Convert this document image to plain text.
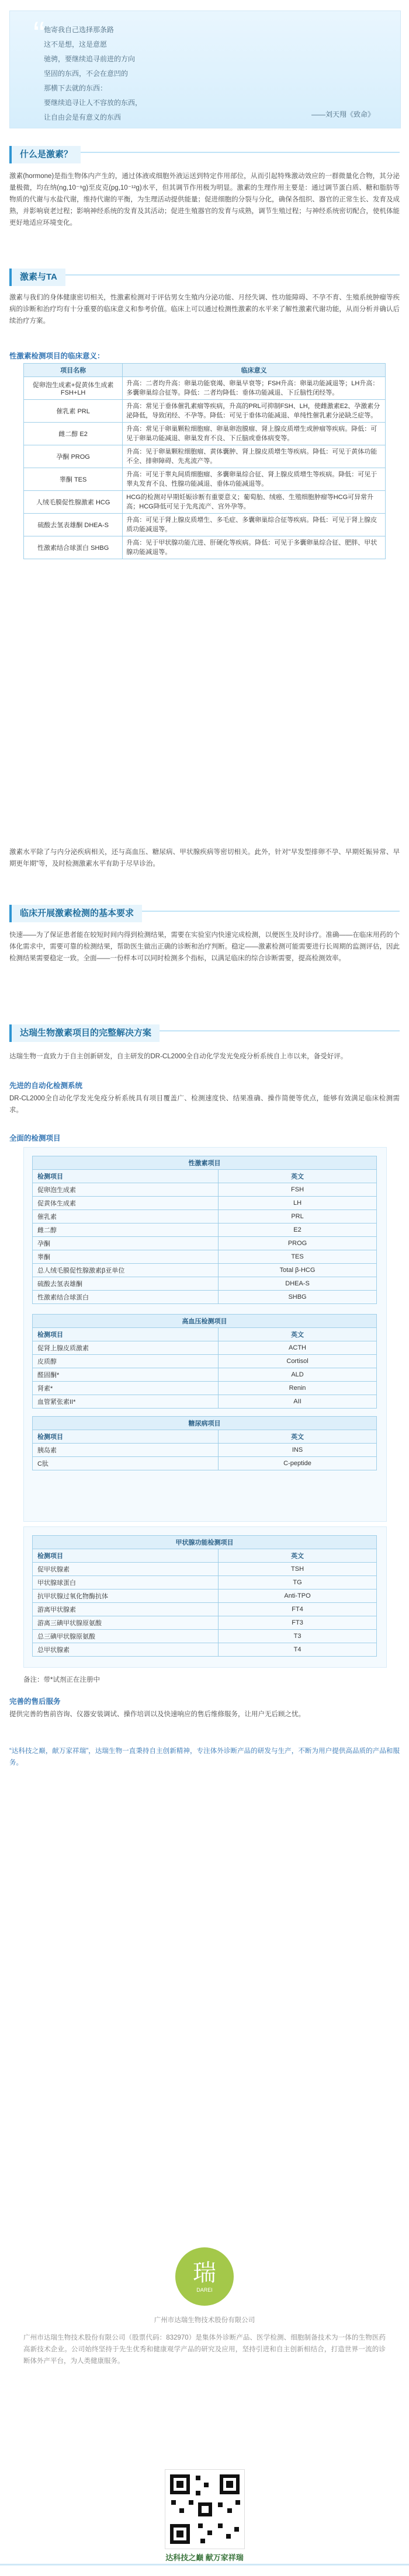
“
他寄我自己选择那条路
这不是想，这是意愿
驰骋，要继续追寻前进的方向
坚固的东西，不会在意凹的
那横下去就的东西：
要继续追寻让人不容放的东西，
让自由会是有意义的东西	——刘天翔《致命》
什么是激素？
激素(hormone)是指生物体内产生的，通过体液或细胞外液运送到特定作用部位，从而引起特殊激动效应的一群微量化合物，其分泌量极微，均在纳(ng,10⁻⁹g)至皮克(pg,10⁻¹²g)水平，但其调节作用极为明显。激素的生理作用主要是：通过调节蛋白质、糖和脂肪等物质的代谢与水盐代谢，维持代谢的平衡，为生理活动提供能量；促进细胞的分裂与分化，确保各组织、器官的正常生长、发育及成熟，并影响衰老过程；影响神经系统的发育及其活动；促进生殖器官的发育与成熟，调节生殖过程；与神经系统密切配合，使机体能更好地适应环境变化。
激素与TA
激素与我们的身体健康密切相关，性激素检测对于评估男女生殖内分泌功能、月经失调、性功能障碍、不孕不育、生殖系统肿瘤等疾病的诊断和治疗均有十分重要的临床意义和参考价值。临床上可以通过检测性激素的水平来了解性激素代谢功能，从而分析并确认后续治疗方案。
性激素检测项目的临床意义：
项目名称	临床意义
促卵泡生成素+促黄体生成素 FSH+LH	升高：二者均升高：卵巢功能衰竭、卵巢早衰等；FSH升高：卵巢功能减退等；LH升高：多囊卵巢综合征等。降低：二者均降低：垂体功能减退、下丘脑性闭经等。
催乳素 PRL	升高：常见于垂体催乳素瘤等疾病，升高的PRL可抑制FSH、LH，使雌激素E2、孕激素分泌降低，导致闭经、不孕等。降低：可见于垂体功能减退、单纯性催乳素分泌缺乏症等。
雌二醇 E2	升高：常见于卵巢颗粒细胞瘤、卵巢卵泡膜瘤、肾上腺皮质增生或肿瘤等疾病。降低：可见于卵巢功能减退、卵巢发育不良、下丘脑或垂体病变等。
孕酮 PROG	升高：见于卵巢颗粒细胞瘤、黄体囊肿、肾上腺皮质增生等疾病。降低：可见于黄体功能不全、排卵障碍、先兆流产等。
睾酮 TES	升高：可见于睾丸间质细胞瘤、多囊卵巢综合征、肾上腺皮质增生等疾病。降低：可见于睾丸发育不良、性腺功能减退、垂体功能减退等。
人绒毛膜促性腺激素 HCG	HCG的检测对早期妊娠诊断有重要意义；葡萄胎、绒癌、生殖细胞肿瘤等HCG可异常升高；HCG降低可见于先兆流产、宫外孕等。
硫酸去氢表雄酮 DHEA-S	升高：可见于肾上腺皮质增生、多毛症、多囊卵巢综合征等疾病。降低：可见于肾上腺皮质功能减退等。
性激素结合球蛋白 SHBG	升高：见于甲状腺功能亢进、肝硬化等疾病。降低：可见于多囊卵巢综合征、肥胖、甲状腺功能减退等。
激素水平除了与内分泌疾病相关，还与高血压、糖尿病、甲状腺疾病等密切相关。此外，针对“早发型排卵不孕、早期妊娠异常、早期更年期”等，及时检测激素水平有助于尽早诊治。
临床开展激素检测的基本要求
快速——为了保证患者能在较短时间内得到检测结果，需要在实验室内快速完成检测，以便医生及时诊疗。准确——在临床用药的个体化需求中，需要可靠的检测结果，帮助医生做出正确的诊断和治疗判断。稳定——激素检测可能需要进行长周期的监测评估，因此检测结果需要稳定一致。全面——一份样本可以同时检测多个指标，以满足临床的综合诊断需要，提高检测效率。
达瑞生物激素项目的完整解决方案
达瑞生物一直致力于自主创新研发，自主研发的DR-CL2000全自动化学发光免疫分析系统自上市以来，备受好评。
先进的自动化检测系统
DR-CL2000全自动化学发光免疫分析系统具有项目覆盖广、检测速度快、结果准确、操作简便等优点，能够有效满足临床检测需求。
全面的检测项目
性激素项目	
检测项目	英文
促卵泡生成素	FSH
促黄体生成素	LH
催乳素	PRL
雌二醇	E2
孕酮	PROG
睾酮	TES
总人绒毛膜促性腺激素β亚单位	Total β-HCG
硫酸去氢表雄酮	DHEA-S
性激素结合球蛋白	SHBG
高血压检测项目	
检测项目	英文
促肾上腺皮质激素	ACTH
皮质醇	Cortisol
醛固酮*	ALD
肾素*	Renin
血管紧张素II*	AII
糖尿病项目	
检测项目	英文
胰岛素	INS
C肽	C-peptide
甲状腺功能检测项目	
检测项目	英文
促甲状腺素	TSH
甲状腺球蛋白	TG
抗甲状腺过氧化物酶抗体	Anti-TPO
游离甲状腺素	FT4
游离三碘甲状腺原氨酸	FT3
总三碘甲状腺原氨酸	T3
总甲状腺素	T4
备注：带*试剂正在注册中
完善的售后服务
提供完善的售前咨询、仪器安装调试、操作培训以及快速响应的售后维修服务，让用户无后顾之忧。
“达科技之巅，献万家祥瑞”，达瑞生物一直秉持自主创新精神，专注体外诊断产品的研发与生产，不断为用户提供高品质的产品和服务。
瑞
DAREI
广州市达瑞生物技术股份有限公司
广州市达瑞生物技术股份有限公司（股票代码：832970）是集体外诊断产品、医学检测、细胞制备技术为一体的生物医药高新技术企业。公司始终坚持于先生优秀和健康观学产品的研究及应用，坚持引进和自主创新相结合，打造世界一流的诊断体外产平台，为人类健康服务。
达科技之巅 献万家祥瑞
